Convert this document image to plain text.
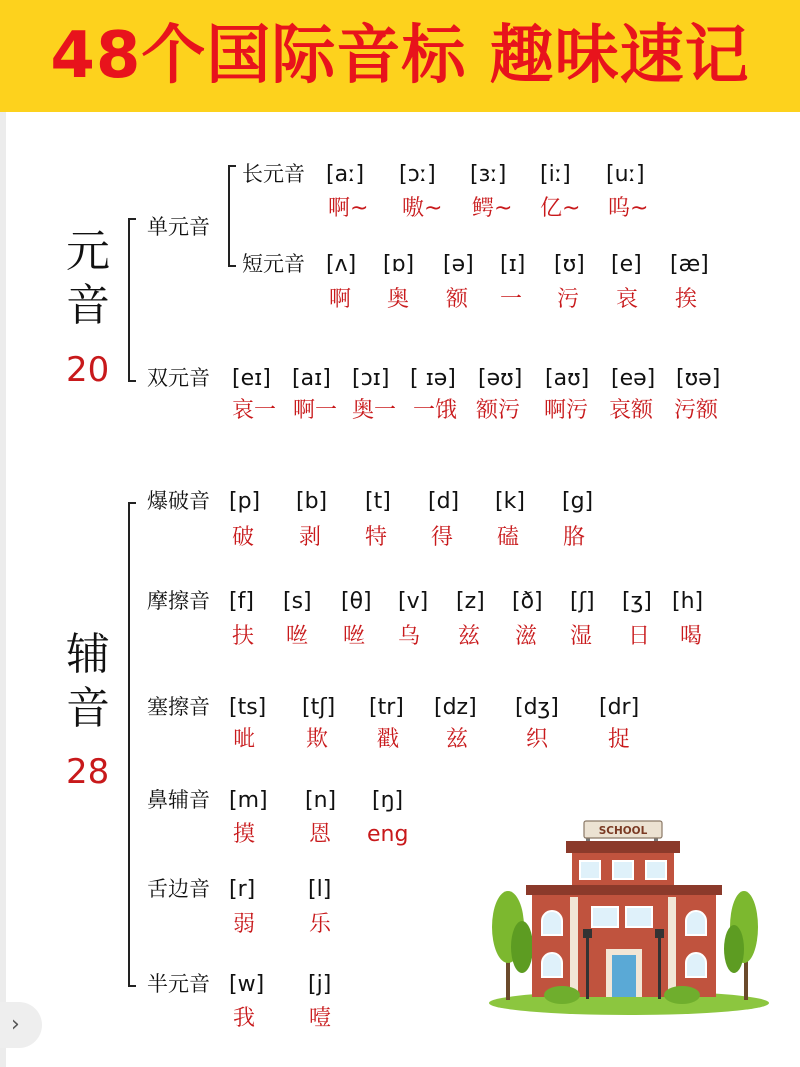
48个国际音标 趣味速记
元
音
20
单元音
长元音 [aː] [ɔː] [ɜː] [iː] [uː]
啊~ 嗷~ 鳄~ 亿~ 呜~
短元音 [ʌ] [ɒ] [ə] [ɪ] [ʊ] [e] [æ]
啊 奥 额 一 污 哀 挨
双元音 [eɪ] [aɪ] [ɔɪ] [ ɪə] [əʊ] [aʊ] [eə] [ʊə]
哀一 啊一 奥一 一饿 额污 啊污 哀额 污额
辅
音
28
爆破音 [p] [b] [t] [d] [k] [g]
破 剥 特 得 磕 胳
摩擦音 [f] [s] [θ] [v] [z] [ð] [ʃ] [ʒ] [h]
扶 咝 咝 乌 兹 滋 湿 日 喝
塞擦音 [ts] [tʃ] [tr] [dz] [dʒ] [dr]
呲 欺 戳 兹	织	捉
鼻辅音 [m] [n] [ŋ]
摸 恩 eng
舌边音 [r] [l]
弱 乐
半元音 [w] [j]
我 噎
SCHOOL
›
